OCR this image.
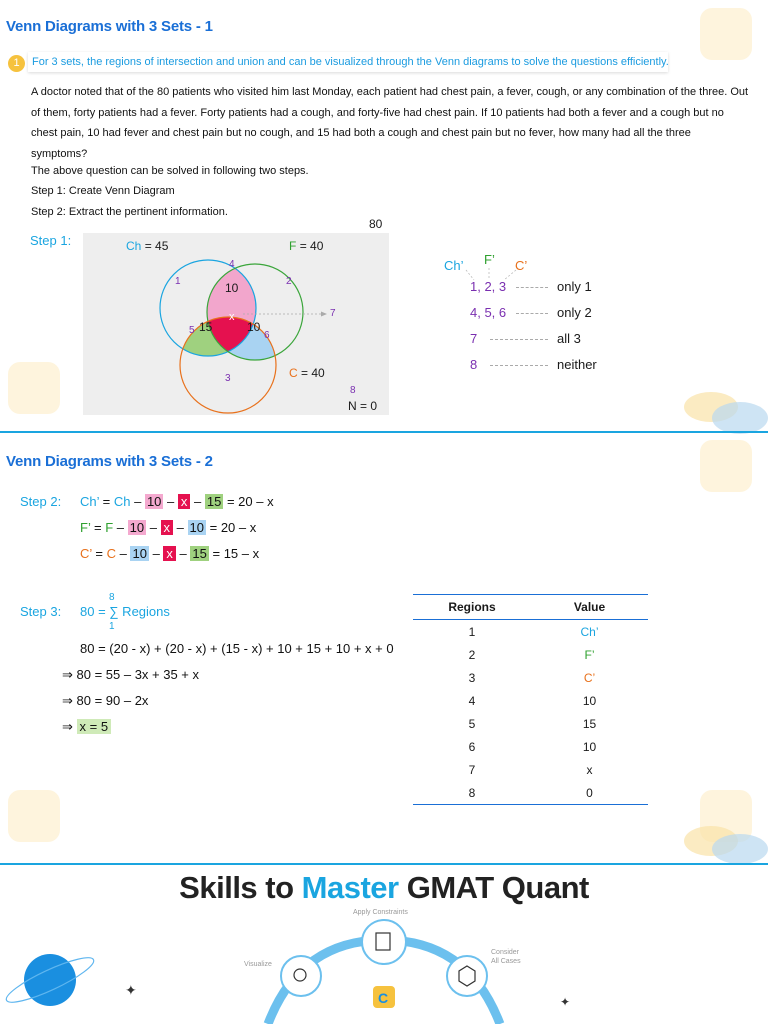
Venn Diagrams with 3 Sets - 1
1	For 3 sets, the regions of intersection and union and can be visualized through the Venn diagrams to solve the questions efficiently.
A doctor noted that of the 80 patients who visited him last Monday, each patient had chest pain, a fever, cough, or any combination of the three. Out of them, forty patients had a fever. Forty patients had a cough, and forty-five had chest pain. If 10 patients had both a fever and a cough but no chest pain, 10 had fever and chest pain but no cough, and 15 had both a cough and chest pain but no fever, how many had all the three symptoms?
The above question can be solved in following two steps.
Step 1: Create Venn Diagram
Step 2: Extract the pertinent information.
Step 1:
80
Ch = 45	F = 40
C = 40
1	2
3
4
5	6
7
8
10
15	10
x
N = 0
Ch’ F’ C’
1, 2, 3	only 1
4, 5, 6	only 2
7	all 3
8	neither
Venn Diagrams with 3 Sets - 2
Step 2: Ch’ = Ch – 10 – x – 15 = 20 – x
F’ = F – 10 – x – 10 = 20 – x
C’ = C – 10 – x – 15 = 15 – x
Step 3:
8
1
80 = ∑ Regions
80 = (20 - x) + (20 - x) + (15 - x) + 10 + 15 + 10 + x + 0
⇒ 80 = 55 – 3x + 35 + x
⇒ 80 = 90 – 2x
⇒ x = 5
Regions	Value
1	Ch’
2	F’
3	C’
4	10
5	15
6	10
7	x
8	0
Skills to Master GMAT Quant
✦
✦
C
Apply Constraints
Visualize
Consider All Cases
